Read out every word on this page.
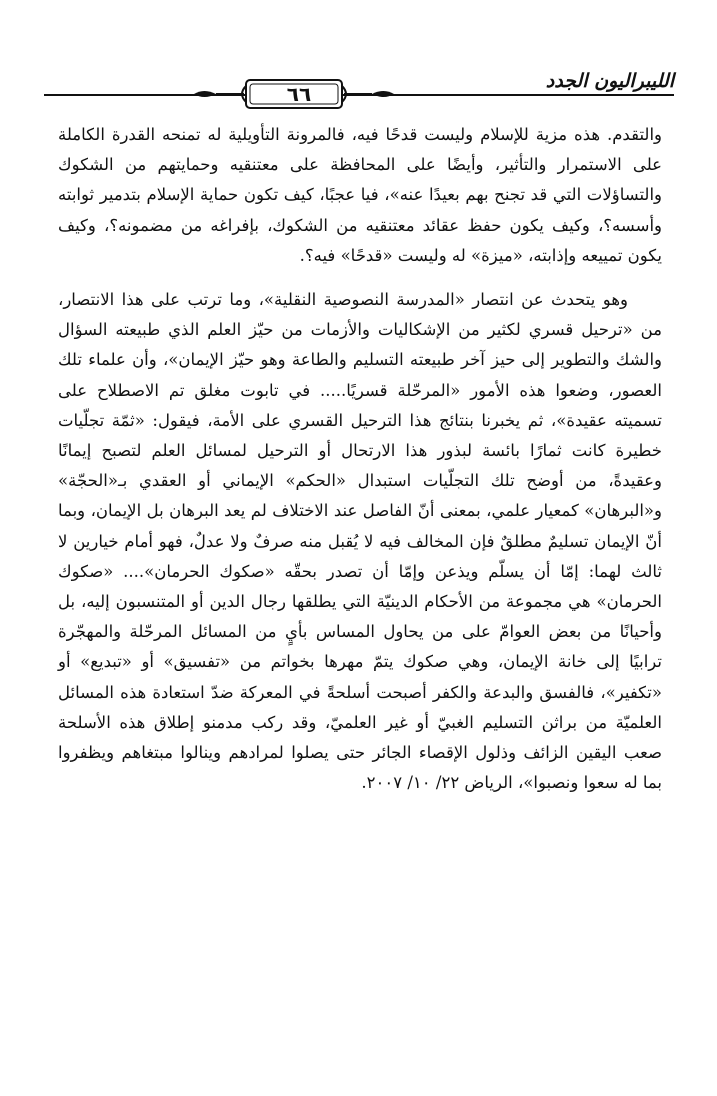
الليبراليون الجدد
٦٦

والتقدم. هذه مزية للإسلام وليست قدحًا فيه، فالمرونة التأويلية له تمنحه القدرة الكاملة على الاستمرار والتأثير، وأيضًا على المحافظة على معتنقيه وحمايتهم من الشكوك والتساؤلات التي قد تجنح بهم بعيدًا عنه»، فيا عجبًا، كيف تكون حماية الإسلام بتدمير ثوابته وأسسه؟، وكيف يكون حفظ عقائد معتنقيه من الشكوك، بإفراغه من مضمونه؟، وكيف يكون تمييعه وإذابته، «ميزة» له وليست «قدحًا» فيه؟.

وهو يتحدث عن انتصار «المدرسة النصوصية النقلية»، وما ترتب على هذا الانتصار، من «ترحيل قسري لكثير من الإشكاليات والأزمات من حيّز العلم الذي طبيعته السؤال والشك والتطوير إلى حيز آخر طبيعته التسليم والطاعة وهو حيّز الإيمان»، وأن علماء تلك العصور، وضعوا هذه الأمور «المرحّلة قسريًا..... في تابوت مغلق تم الاصطلاح على تسميته عقيدة»، ثم يخبرنا بنتائج هذا الترحيل القسري على الأمة، فيقول: «ثمّة تجلّيات خطيرة كانت ثمارًا بائسة لبذور هذا الارتحال أو الترحيل لمسائل العلم لتصبح إيمانًا وعقيدةً، من أوضح تلك التجلّيات استبدال «الحكم» الإيماني أو العقدي بـ«الحجّة» و«البرهان» كمعيار علمي، بمعنى أنّ الفاصل عند الاختلاف لم يعد البرهان بل الإيمان، وبما أنّ الإيمان تسليمٌ مطلقٌ فإن المخالف فيه لا يُقبل منه صرفٌ ولا عدلٌ، فهو أمام خيارين لا ثالث لهما: إمّا أن يسلّم ويذعن وإمّا أن تصدر بحقّه «صكوك الحرمان».... «صكوك الحرمان» هي مجموعة من الأحكام الدينيّة التي يطلقها رجال الدين أو المتنسبون إليه، بل وأحيانًا من بعض العوامّ على من يحاول المساس بأيٍ من المسائل المرحّلة والمهجّرة ترابيًا إلى خانة الإيمان، وهي صكوك يتمّ مهرها بخواتم من «تفسيق» أو «تبديع» أو «تكفير»، فالفسق والبدعة والكفر أصبحت أسلحةً في المعركة ضدّ استعادة هذه المسائل العلميّة من براثن التسليم الغبيّ أو غير العلميّ، وقد ركب مدمنو إطلاق هذه الأسلحة صعب اليقين الزائف وذلول الإقصاء الجائر حتى يصلوا لمرادهم وينالوا مبتغاهم ويظفروا بما له سعوا ونصبوا»، الرياض ٢٢/ ١٠/ ٢٠٠٧.
